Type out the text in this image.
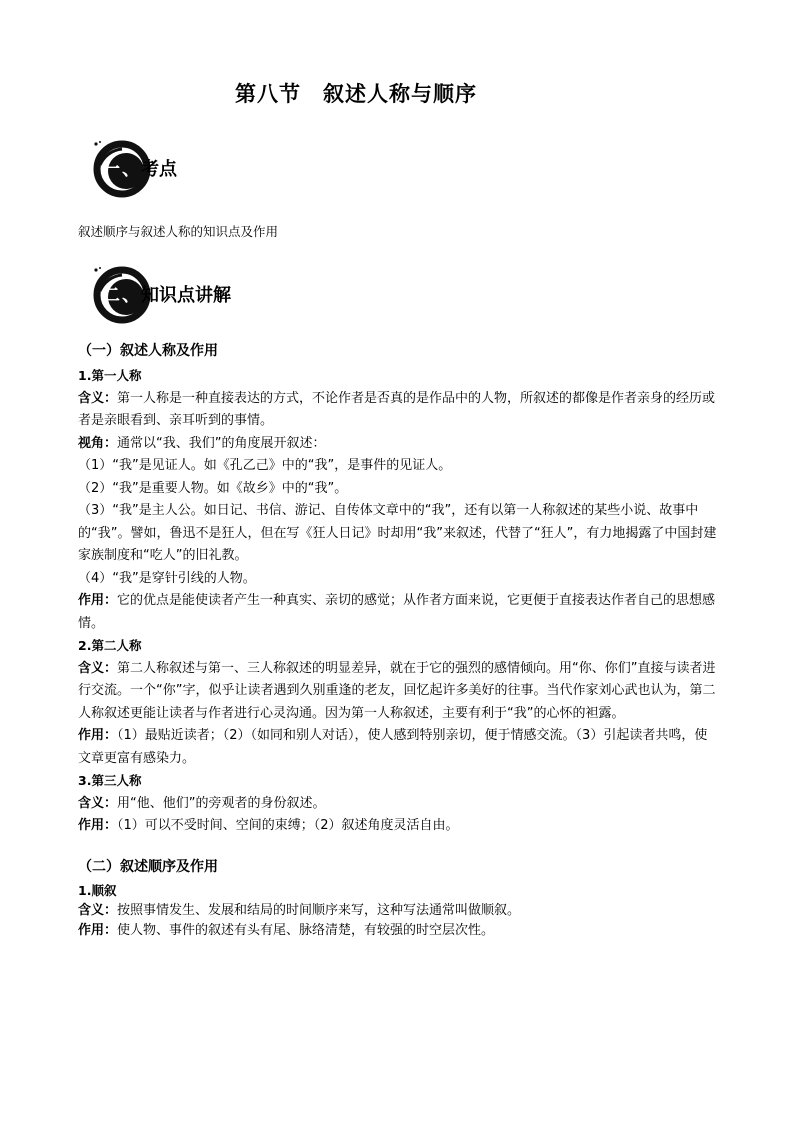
第八节　叙述人称与顺序
一、 考点
叙述顺序与叙述人称的知识点及作用
二、 知识点讲解

（一）叙述人称及作用

1.第一人称

含义：第一人称是一种直接表达的方式，不论作者是否真的是作品中的人物，所叙述的都像是作者亲身的经历或者是亲眼看到、亲耳听到的事情。

视角：通常以“我、我们”的角度展开叙述：

（1）“我”是见证人。如《孔乙己》中的“我”，是事件的见证人。

（2）“我”是重要人物。如《故乡》中的“我”。

（3）“我”是主人公。如日记、书信、游记、自传体文章中的“我”，还有以第一人称叙述的某些小说、故事中的“我”。譬如，鲁迅不是狂人，但在写《狂人日记》时却用“我”来叙述，代替了“狂人”，有力地揭露了中国封建家族制度和“吃人”的旧礼教。

（4）“我”是穿针引线的人物。

作用：它的优点是能使读者产生一种真实、亲切的感觉；从作者方面来说，它更便于直接表达作者自己的思想感情。

2.第二人称

含义：第二人称叙述与第一、三人称叙述的明显差异，就在于它的强烈的感情倾向。用“你、你们”直接与读者进行交流。一个“你”字，似乎让读者遇到久别重逢的老友，回忆起许多美好的往事。当代作家刘心武也认为，第二人称叙述更能让读者与作者进行心灵沟通。因为第一人称叙述，主要有利于“我”的心怀的袒露。

作用：（1）最贴近读者；（2）（如同和别人对话），使人感到特别亲切，便于情感交流。（3）引起读者共鸣，使文章更富有感染力。

3.第三人称

含义：用“他、他们”的旁观者的身份叙述。

作用：（1）可以不受时间、空间的束缚；（2）叙述角度灵活自由。

（二）叙述顺序及作用

1.顺叙

含义：按照事情发生、发展和结局的时间顺序来写，这种写法通常叫做顺叙。

作用：使人物、事件的叙述有头有尾、脉络清楚，有较强的时空层次性。
